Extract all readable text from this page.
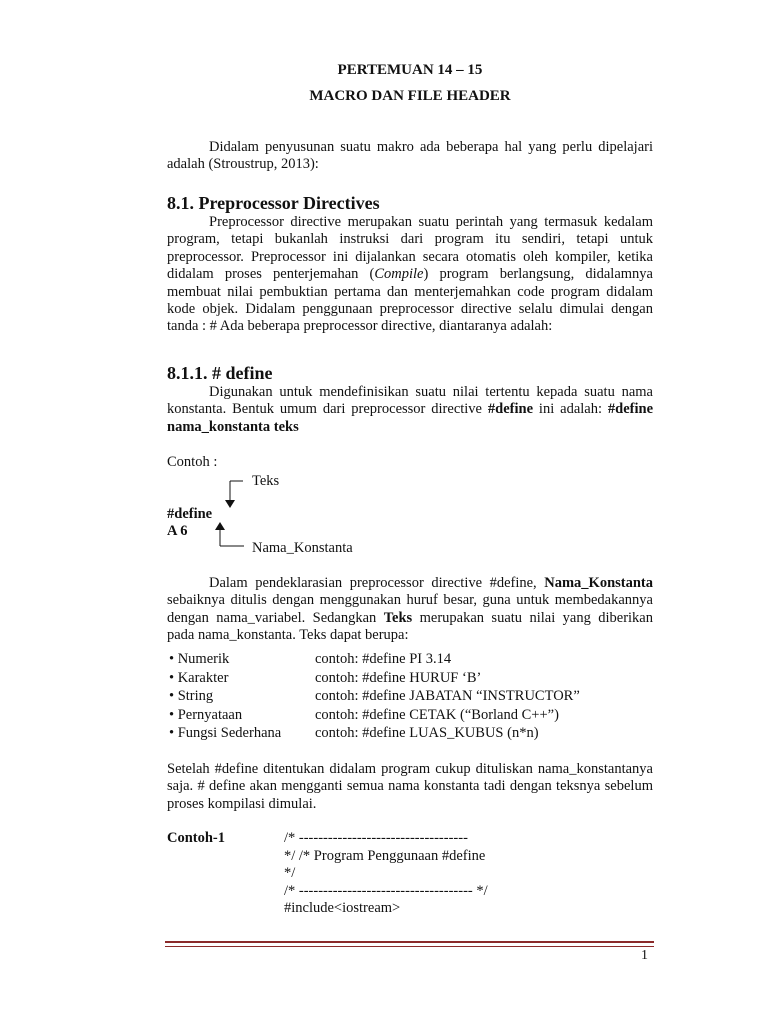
PERTEMUAN 14 – 15
MACRO DAN FILE HEADER
Didalam penyusunan suatu makro ada beberapa hal yang perlu dipelajari adalah (Stroustrup, 2013):
8.1. Preprocessor Directives
Preprocessor directive merupakan suatu perintah yang termasuk kedalam program, tetapi bukanlah instruksi dari program itu sendiri, tetapi untuk preprocessor. Preprocessor ini dijalankan secara otomatis oleh kompiler, ketika didalam proses penterjemahan (Compile) program berlangsung, didalamnya membuat nilai pembuktian pertama dan menterjemahkan code program didalam kode objek. Didalam penggunaan preprocessor directive selalu dimulai dengan tanda : # Ada beberapa preprocessor directive, diantaranya adalah:
8.1.1. # define
Digunakan untuk mendefinisikan suatu nilai tertentu kepada suatu nama konstanta. Bentuk umum dari preprocessor directive #define ini adalah: #define nama_konstanta teks
Contoh :
Teks
#define A 6
Nama_Konstanta
Dalam pendeklarasian preprocessor directive #define, Nama_Konstanta sebaiknya ditulis dengan menggunakan huruf besar, guna untuk membedakannya dengan nama_variabel. Sedangkan Teks merupakan suatu nilai yang diberikan pada nama_konstanta. Teks dapat berupa:
• Numerik	contoh: #define PI 3.14
• Karakter	contoh: #define HURUF ‘B’
• String	contoh: #define JABATAN “INSTRUCTOR”
• Pernyataan	contoh: #define CETAK (“Borland C++”)
• Fungsi Sederhana	contoh: #define LUAS_KUBUS (n*n)
Setelah #define ditentukan didalam program cukup dituliskan nama_konstantanya saja. # define akan mengganti semua nama konstanta tadi dengan teksnya sebelum proses kompilasi dimulai.
Contoh-1	/* -----------------------------------
*/ /* Program Penggunaan #define
*/
/* ------------------------------------ */
#include<iostream>
1
